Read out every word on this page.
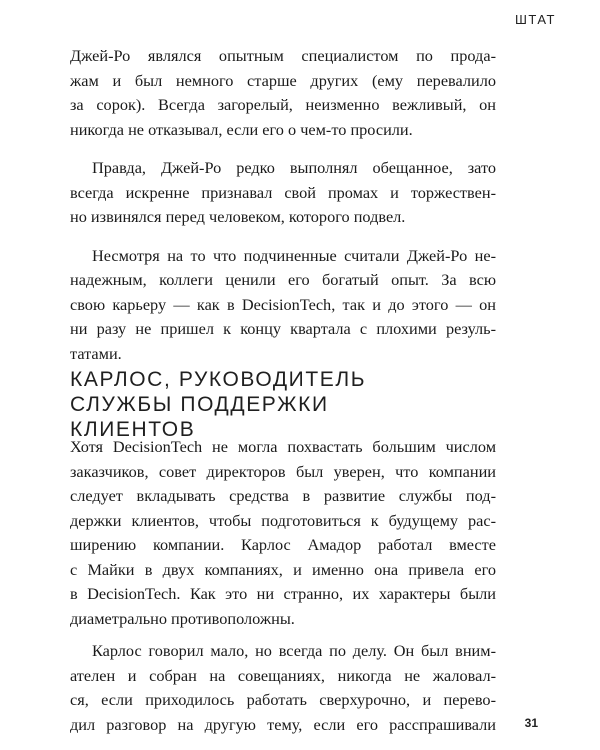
ШТАТ

Джей-Ро являлся опытным специалистом по прода-
жам и был немного старше других (ему перевалило
за сорок). Всегда загорелый, неизменно вежливый, он
никогда не отказывал, если его о чем-то просили.

Правда, Джей-Ро редко выполнял обещанное, зато
всегда искренне признавал свой промах и торжествен-
но извинялся перед человеком, которого подвел.

Несмотря на то что подчиненные считали Джей-Ро не-
надежным, коллеги ценили его богатый опыт. За всю
свою карьеру — как в DecisionTech, так и до этого — он
ни разу не пришел к концу квартала с плохими резуль-
татами.

КАРЛОС, РУКОВОДИТЕЛЬ
СЛУЖБЫ ПОДДЕРЖКИ
КЛИЕНТОВ

Хотя DecisionTech не могла похвастать большим числом
заказчиков, совет директоров был уверен, что компании
следует вкладывать средства в развитие службы под-
держки клиентов, чтобы подготовиться к будущему рас-
ширению компании. Карлос Амадор работал вместе
с Майки в двух компаниях, и именно она привела его
в DecisionTech. Как это ни странно, их характеры были
диаметрально противоположны.

Карлос говорил мало, но всегда по делу. Он был вним-
ателен и собран на совещаниях, никогда не жаловал-
ся, если приходилось работать сверхурочно, и перево-
дил разговор на другую тему, если его расспрашивали 31
